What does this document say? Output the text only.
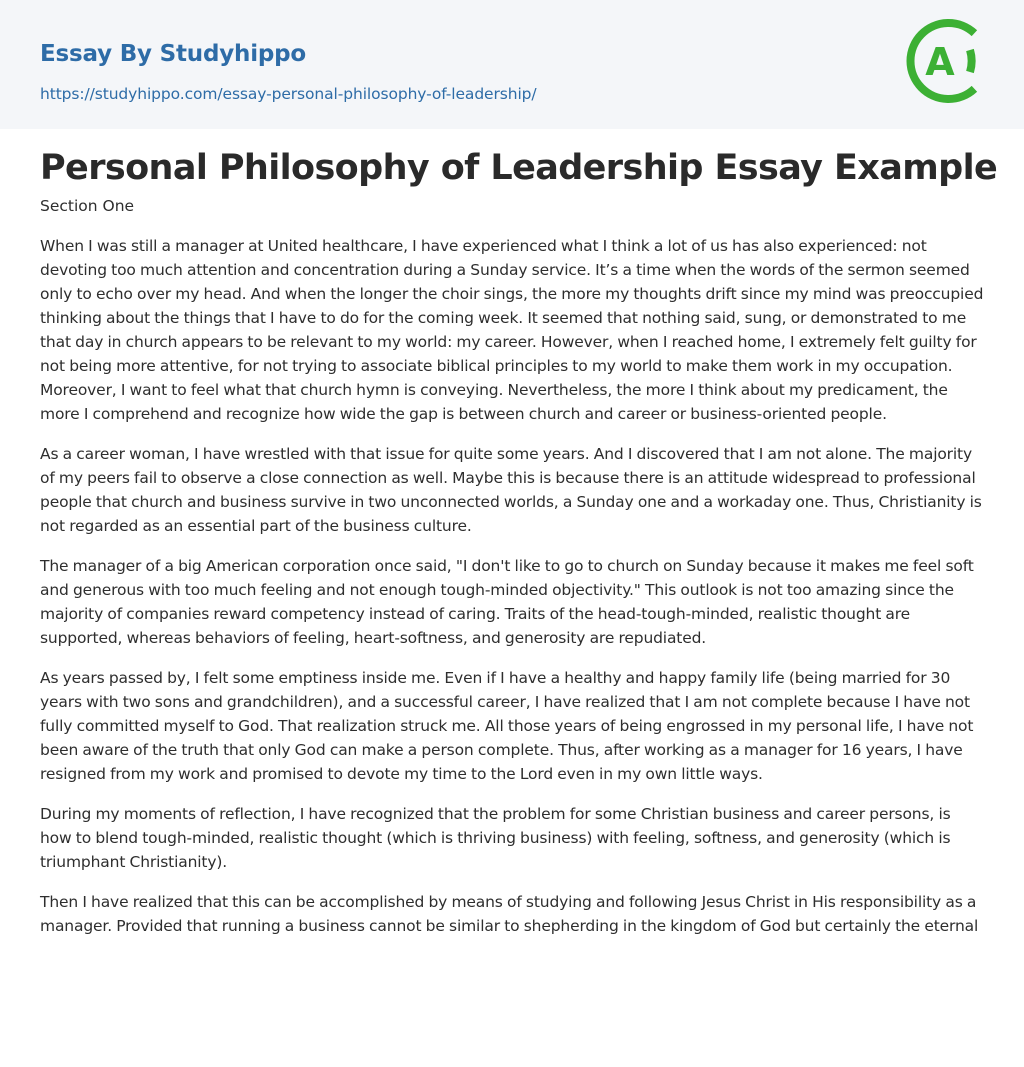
Essay By Studyhippo
https://studyhippo.com/essay-personal-philosophy-of-leadership/
A
Personal Philosophy of Leadership Essay Example

Section One

When I was still a manager at United healthcare, I have experienced what I think a lot of us has also experienced: not devoting too much attention and concentration during a Sunday service. It’s a time when the words of the sermon seemed only to echo over my head. And when the longer the choir sings, the more my thoughts drift since my mind was preoccupied thinking about the things that I have to do for the coming week. It seemed that nothing said, sung, or demonstrated to me that day in church appears to be relevant to my world: my career. However, when I reached home, I extremely felt guilty for not being more attentive, for not trying to associate biblical principles to my world to make them work in my occupation. Moreover, I want to feel what that church hymn is conveying. Nevertheless, the more I think about my predicament, the more I comprehend and recognize how wide the gap is between church and career or business-oriented people.

As a career woman, I have wrestled with that issue for quite some years. And I discovered that I am not alone. The majority of my peers fail to observe a close connection as well. Maybe this is because there is an attitude widespread to professional people that church and business survive in two unconnected worlds, a Sunday one and a workaday one. Thus, Christianity is not regarded as an essential part of the business culture.

The manager of a big American corporation once said, "I don't like to go to church on Sunday because it makes me feel soft and generous with too much feeling and not enough tough-minded objectivity." This outlook is not too amazing since the majority of companies reward competency instead of caring. Traits of the head-tough-minded, realistic thought are supported, whereas behaviors of feeling, heart-softness, and generosity are repudiated.

As years passed by, I felt some emptiness inside me. Even if I have a healthy and happy family life (being married for 30 years with two sons and grandchildren), and a successful career, I have realized that I am not complete because I have not fully committed myself to God. That realization struck me. All those years of being engrossed in my personal life, I have not been aware of the truth that only God can make a person complete. Thus, after working as a manager for 16 years, I have resigned from my work and promised to devote my time to the Lord even in my own little ways.

During my moments of reflection, I have recognized that the problem for some Christian business and career persons, is how to blend tough-minded, realistic thought (which is thriving business) with feeling, softness, and generosity (which is triumphant Christianity).

Then I have realized that this can be accomplished by means of studying and following Jesus Christ in His responsibility as a manager. Provided that running a business cannot be similar to shepherding in the kingdom of God but certainly the eternal
